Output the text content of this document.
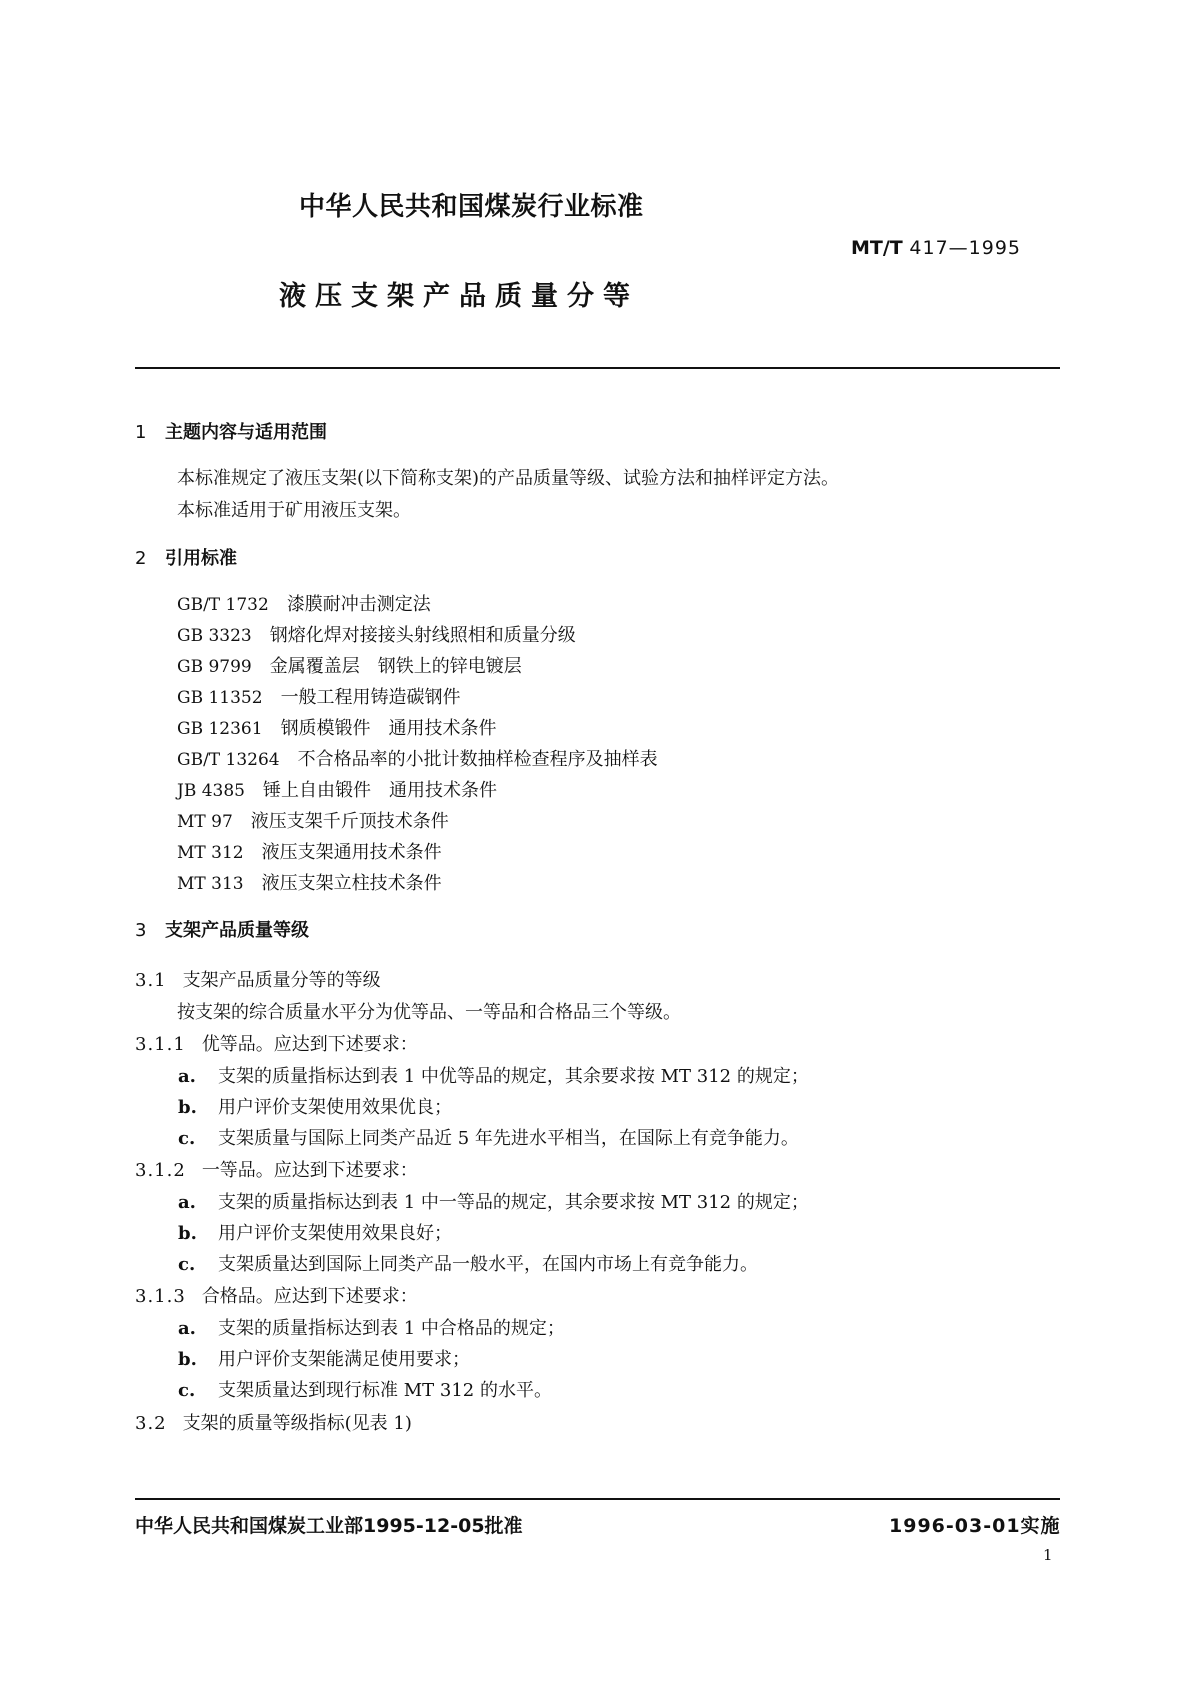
中华人民共和国煤炭行业标准
MT/T 417—1995
液压支架产品质量分等
1 主题内容与适用范围
本标准规定了液压支架(以下简称支架)的产品质量等级、试验方法和抽样评定方法。
本标准适用于矿用液压支架。
2 引用标准
GB/T 1732 漆膜耐冲击测定法
GB 3323 钢熔化焊对接接头射线照相和质量分级
GB 9799 金属覆盖层　钢铁上的锌电镀层
GB 11352 一般工程用铸造碳钢件
GB 12361 钢质模锻件　通用技术条件
GB/T 13264 不合格品率的小批计数抽样检查程序及抽样表
JB 4385 锤上自由锻件　通用技术条件
MT 97 液压支架千斤顶技术条件
MT 312 液压支架通用技术条件
MT 313 液压支架立柱技术条件
3 支架产品质量等级
3.1 支架产品质量分等的等级
按支架的综合质量水平分为优等品、一等品和合格品三个等级。
3.1.1 优等品。应达到下述要求：
a. 支架的质量指标达到表 1 中优等品的规定，其余要求按 MT 312 的规定；
b. 用户评价支架使用效果优良；
c. 支架质量与国际上同类产品近 5 年先进水平相当，在国际上有竞争能力。
3.1.2 一等品。应达到下述要求：
a. 支架的质量指标达到表 1 中一等品的规定，其余要求按 MT 312 的规定；
b. 用户评价支架使用效果良好；
c. 支架质量达到国际上同类产品一般水平，在国内市场上有竞争能力。
3.1.3 合格品。应达到下述要求：
a. 支架的质量指标达到表 1 中合格品的规定；
b. 用户评价支架能满足使用要求；
c. 支架质量达到现行标准 MT 312 的水平。
3.2 支架的质量等级指标(见表 1)
中华人民共和国煤炭工业部1995-12-05批准	1996-03-01实施
1
